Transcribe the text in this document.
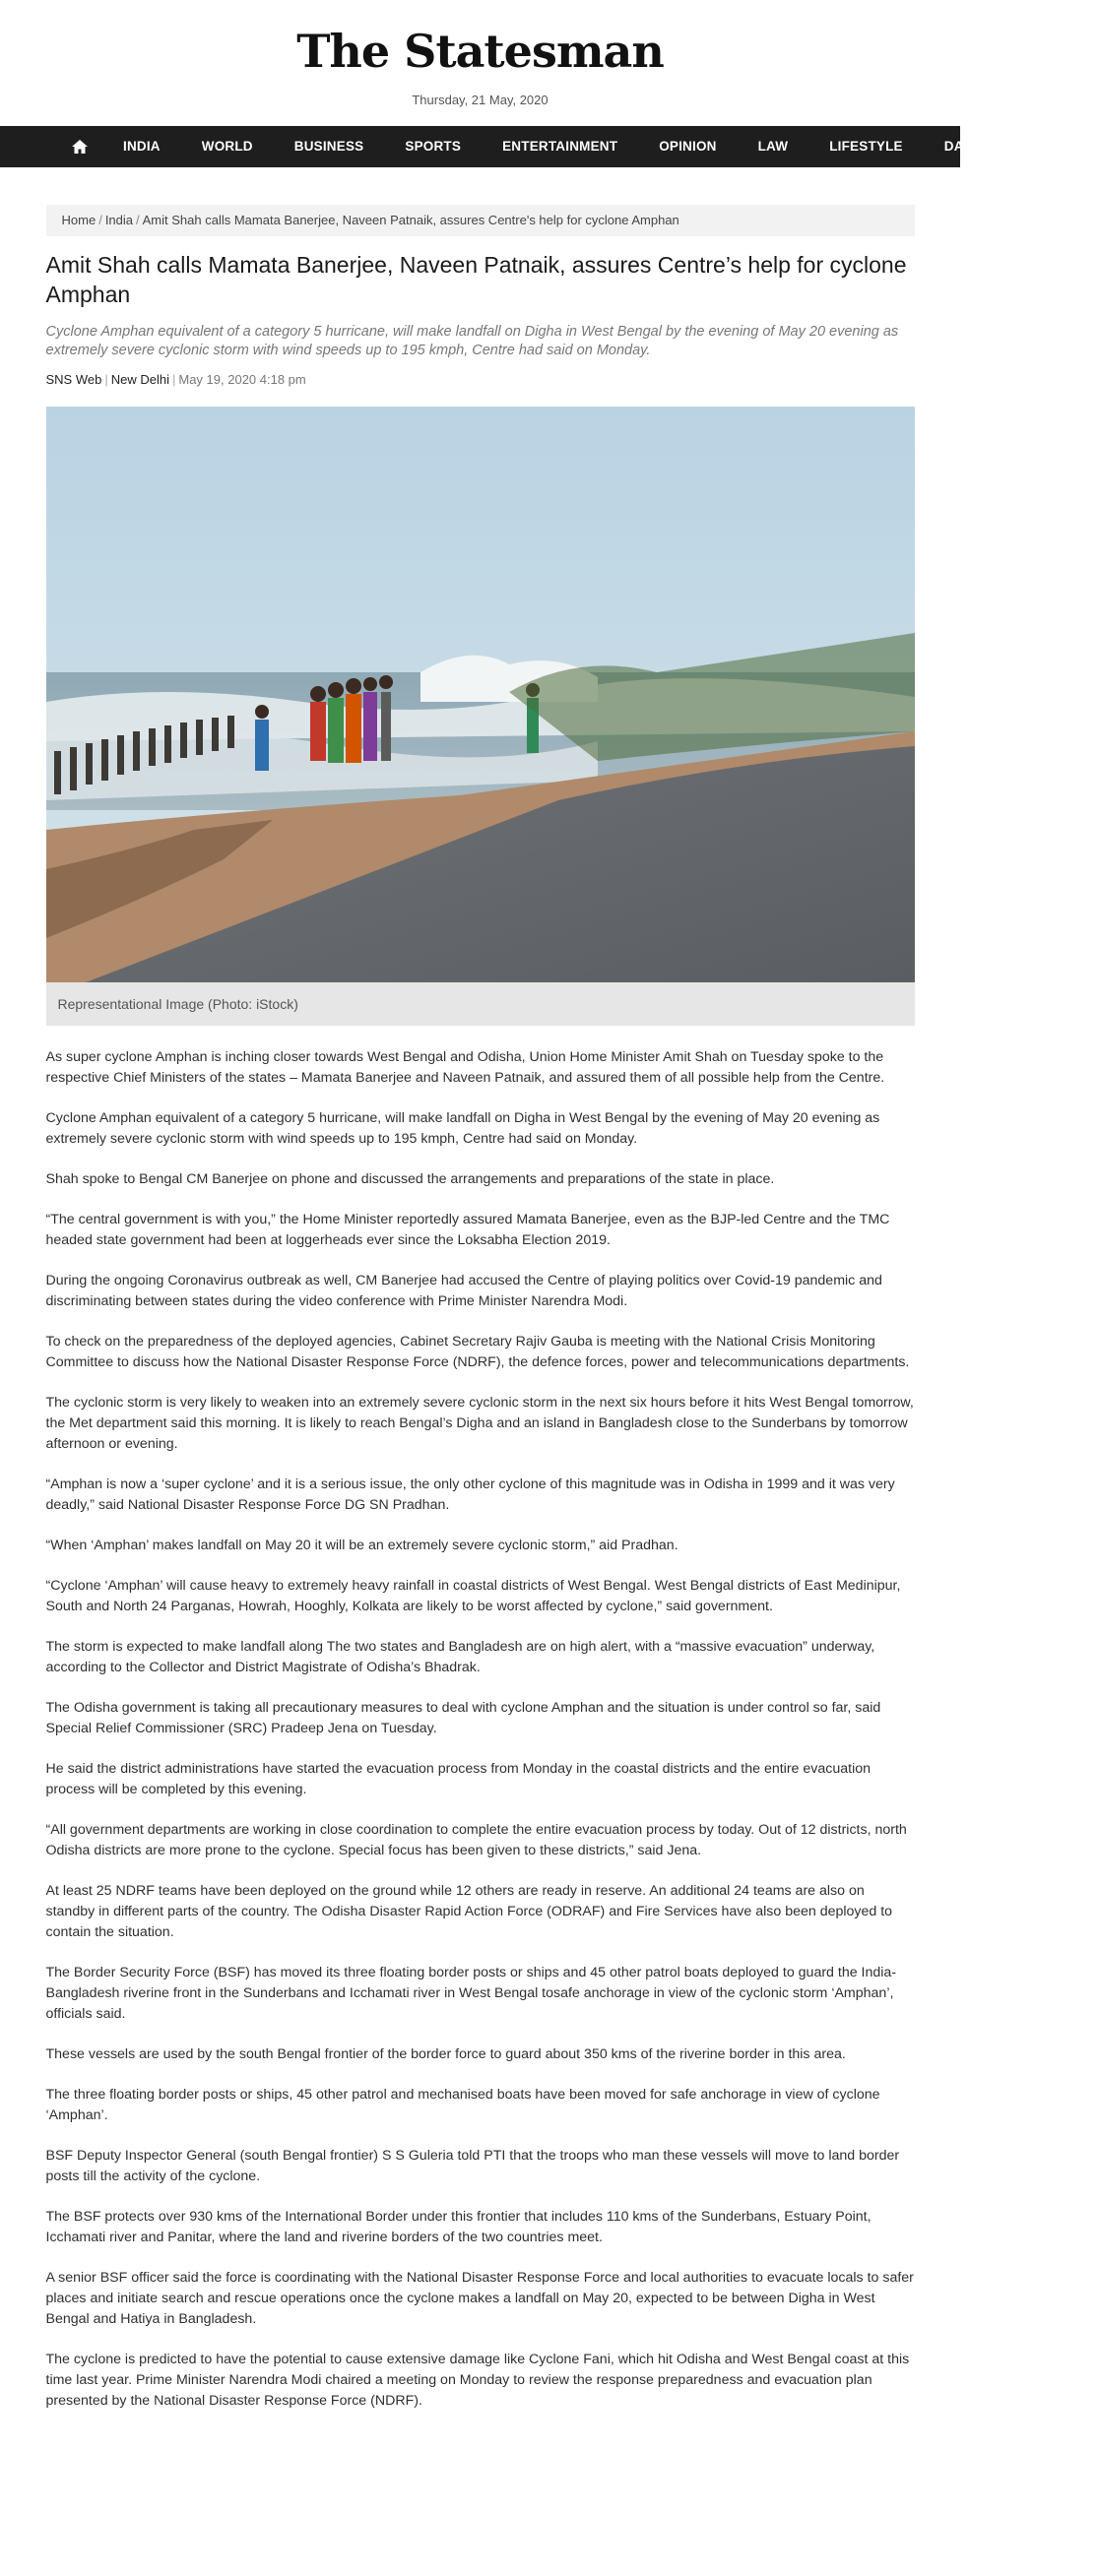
The Statesman
Thursday, 21 May, 2020
INDIA	WORLD	BUSINESS	SPORTS	ENTERTAINMENT	OPINION	LAW	LIFESTYLE	DAINIK STATESMAN
Home / India / Amit Shah calls Mamata Banerjee, Naveen Patnaik, assures Centre's help for cyclone Amphan
Amit Shah calls Mamata Banerjee, Naveen Patnaik, assures Centre’s help for cyclone Amphan

Cyclone Amphan equivalent of a category 5 hurricane, will make landfall on Digha in West Bengal by the evening of May 20 evening as extremely severe cyclonic storm with wind speeds up to 195 kmph, Centre had said on Monday.

SNS Web | New Delhi | May 19, 2020 4:18 pm
Representational Image (Photo: iStock)

As super cyclone Amphan is inching closer towards West Bengal and Odisha, Union Home Minister Amit Shah on Tuesday spoke to the respective Chief Ministers of the states – Mamata Banerjee and Naveen Patnaik, and assured them of all possible help from the Centre.

Cyclone Amphan equivalent of a category 5 hurricane, will make landfall on Digha in West Bengal by the evening of May 20 evening as extremely severe cyclonic storm with wind speeds up to 195 kmph, Centre had said on Monday.

Shah spoke to Bengal CM Banerjee on phone and discussed the arrangements and preparations of the state in place.

“The central government is with you,” the Home Minister reportedly assured Mamata Banerjee, even as the BJP-led Centre and the TMC headed state government had been at loggerheads ever since the Loksabha Election 2019.

During the ongoing Coronavirus outbreak as well, CM Banerjee had accused the Centre of playing politics over Covid-19 pandemic and discriminating between states during the video conference with Prime Minister Narendra Modi.

To check on the preparedness of the deployed agencies, Cabinet Secretary Rajiv Gauba is meeting with the National Crisis Monitoring Committee to discuss how the National Disaster Response Force (NDRF), the defence forces, power and telecommunications departments.

The cyclonic storm is very likely to weaken into an extremely severe cyclonic storm in the next six hours before it hits West Bengal tomorrow, the Met department said this morning. It is likely to reach Bengal’s Digha and an island in Bangladesh close to the Sunderbans by tomorrow afternoon or evening.

“Amphan is now a ‘super cyclone’ and it is a serious issue, the only other cyclone of this magnitude was in Odisha in 1999 and it was very deadly,” said National Disaster Response Force DG SN Pradhan.

“When ‘Amphan’ makes landfall on May 20 it will be an extremely severe cyclonic storm,” aid Pradhan.

“Cyclone ‘Amphan’ will cause heavy to extremely heavy rainfall in coastal districts of West Bengal. West Bengal districts of East Medinipur, South and North 24 Parganas, Howrah, Hooghly, Kolkata are likely to be worst affected by cyclone,” said government.

The storm is expected to make landfall along The two states and Bangladesh are on high alert, with a “massive evacuation” underway, according to the Collector and District Magistrate of Odisha’s Bhadrak.

The Odisha government is taking all precautionary measures to deal with cyclone Amphan and the situation is under control so far, said Special Relief Commissioner (SRC) Pradeep Jena on Tuesday.

He said the district administrations have started the evacuation process from Monday in the coastal districts and the entire evacuation process will be completed by this evening.

“All government departments are working in close coordination to complete the entire evacuation process by today. Out of 12 districts, north Odisha districts are more prone to the cyclone. Special focus has been given to these districts,” said Jena.

At least 25 NDRF teams have been deployed on the ground while 12 others are ready in reserve. An additional 24 teams are also on standby in different parts of the country. The Odisha Disaster Rapid Action Force (ODRAF) and Fire Services have also been deployed to contain the situation.

The Border Security Force (BSF) has moved its three floating border posts or ships and 45 other patrol boats deployed to guard the India-Bangladesh riverine front in the Sunderbans and Icchamati river in West Bengal tosafe anchorage in view of the cyclonic storm ‘Amphan’, officials said.

These vessels are used by the south Bengal frontier of the border force to guard about 350 kms of the riverine border in this area.

The three floating border posts or ships, 45 other patrol and mechanised boats have been moved for safe anchorage in view of cyclone ‘Amphan’.

BSF Deputy Inspector General (south Bengal frontier) S S Guleria told PTI that the troops who man these vessels will move to land border posts till the activity of the cyclone.

The BSF protects over 930 kms of the International Border under this frontier that includes 110 kms of the Sunderbans, Estuary Point, Icchamati river and Panitar, where the land and riverine borders of the two countries meet.

A senior BSF officer said the force is coordinating with the National Disaster Response Force and local authorities to evacuate locals to safer places and initiate search and rescue operations once the cyclone makes a landfall on May 20, expected to be between Digha in West Bengal and Hatiya in Bangladesh.

The cyclone is predicted to have the potential to cause extensive damage like Cyclone Fani, which hit Odisha and West Bengal coast at this time last year. Prime Minister Narendra Modi chaired a meeting on Monday to review the response preparedness and evacuation plan presented by the National Disaster Response Force (NDRF).
